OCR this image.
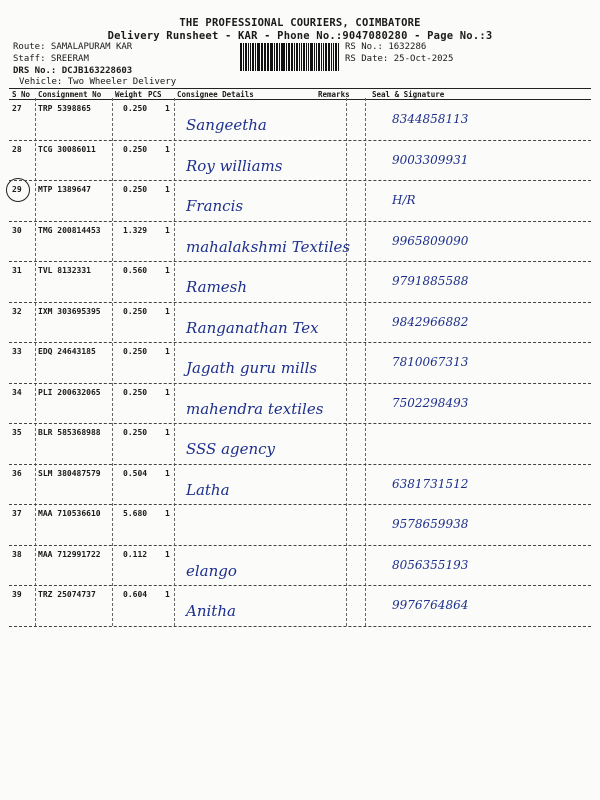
THE PROFESSIONAL COURIERS, COIMBATORE
Delivery Runsheet - KAR - Phone No.:9047080280 - Page No.:3
Route: SAMALAPURAM KAR
Staff: SREERAM
DRS No.: DCJB163228603
Vehicle: Two Wheeler Delivery
RS No.: 1632286
RS Date: 25-Oct-2025
S No Consignment No Weight PCS Consignee Details	Remarks	Seal & Signature
27 TRP 5398865	0.250 1
Sangeetha	8344858113
28 TCG 30086011	0.250 1
Roy williams	9003309931
29 MTP 1389647	0.250 1
Francis	H/R
30 TMG 200814453	1.329 1
mahalakshmi Textiles	9965809090
31 TVL 8132331	0.560 1
Ramesh	9791885588
32 IXM 303695395	0.250 1
Ranganathan Tex	9842966882
33 EDQ 24643185	0.250 1
Jagath guru mills	7810067313
34 PLI 200632065	0.250 1
mahendra textiles	7502298493
35 BLR 585368988	0.250 1
SSS agency
36 SLM 380487579	0.504 1
Latha	6381731512
37 MAA 710536610	5.680 1
9578659938
38 MAA 712991722	0.112 1
elango	8056355193
39 TRZ 25074737	0.604 1
Anitha	9976764864
